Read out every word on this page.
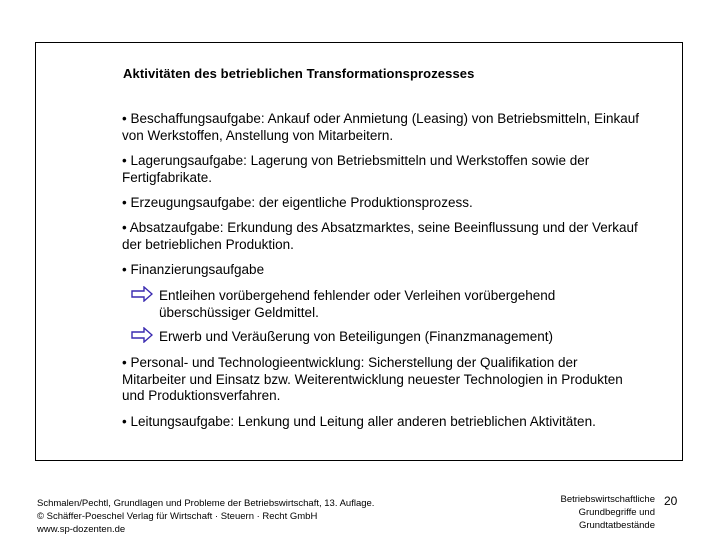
Aktivitäten des betrieblichen Transformationsprozesses
• Beschaffungsaufgabe: Ankauf oder Anmietung (Leasing) von Betriebsmitteln, Einkauf von Werkstoffen, Anstellung von Mitarbeitern.
• Lagerungsaufgabe: Lagerung von Betriebsmitteln und Werkstoffen sowie der Fertigfabrikate.
• Erzeugungsaufgabe: der eigentliche Produktionsprozess.
• Absatzaufgabe: Erkundung des Absatzmarktes, seine Beeinflussung und der Verkauf der betrieblichen Produktion.
• Finanzierungsaufgabe
Entleihen vorübergehend fehlender oder Verleihen vorübergehend überschüssiger Geldmittel.
Erwerb und Veräußerung von Beteiligungen (Finanzmanagement)
• Personal- und Technologieentwicklung: Sicherstellung der Qualifikation der Mitarbeiter und Einsatz bzw. Weiterentwicklung neuester Technologien in Produkten und Produktionsverfahren.
• Leitungsaufgabe: Lenkung und Leitung aller anderen betrieblichen Aktivitäten.
Schmalen/Pechtl, Grundlagen und Probleme der Betriebswirtschaft, 13. Auflage.
© Schäffer-Poeschel Verlag für Wirtschaft · Steuern · Recht GmbH
www.sp-dozenten.de
Betriebswirtschaftliche
Grundbegriffe und
Grundtatbestände
20
